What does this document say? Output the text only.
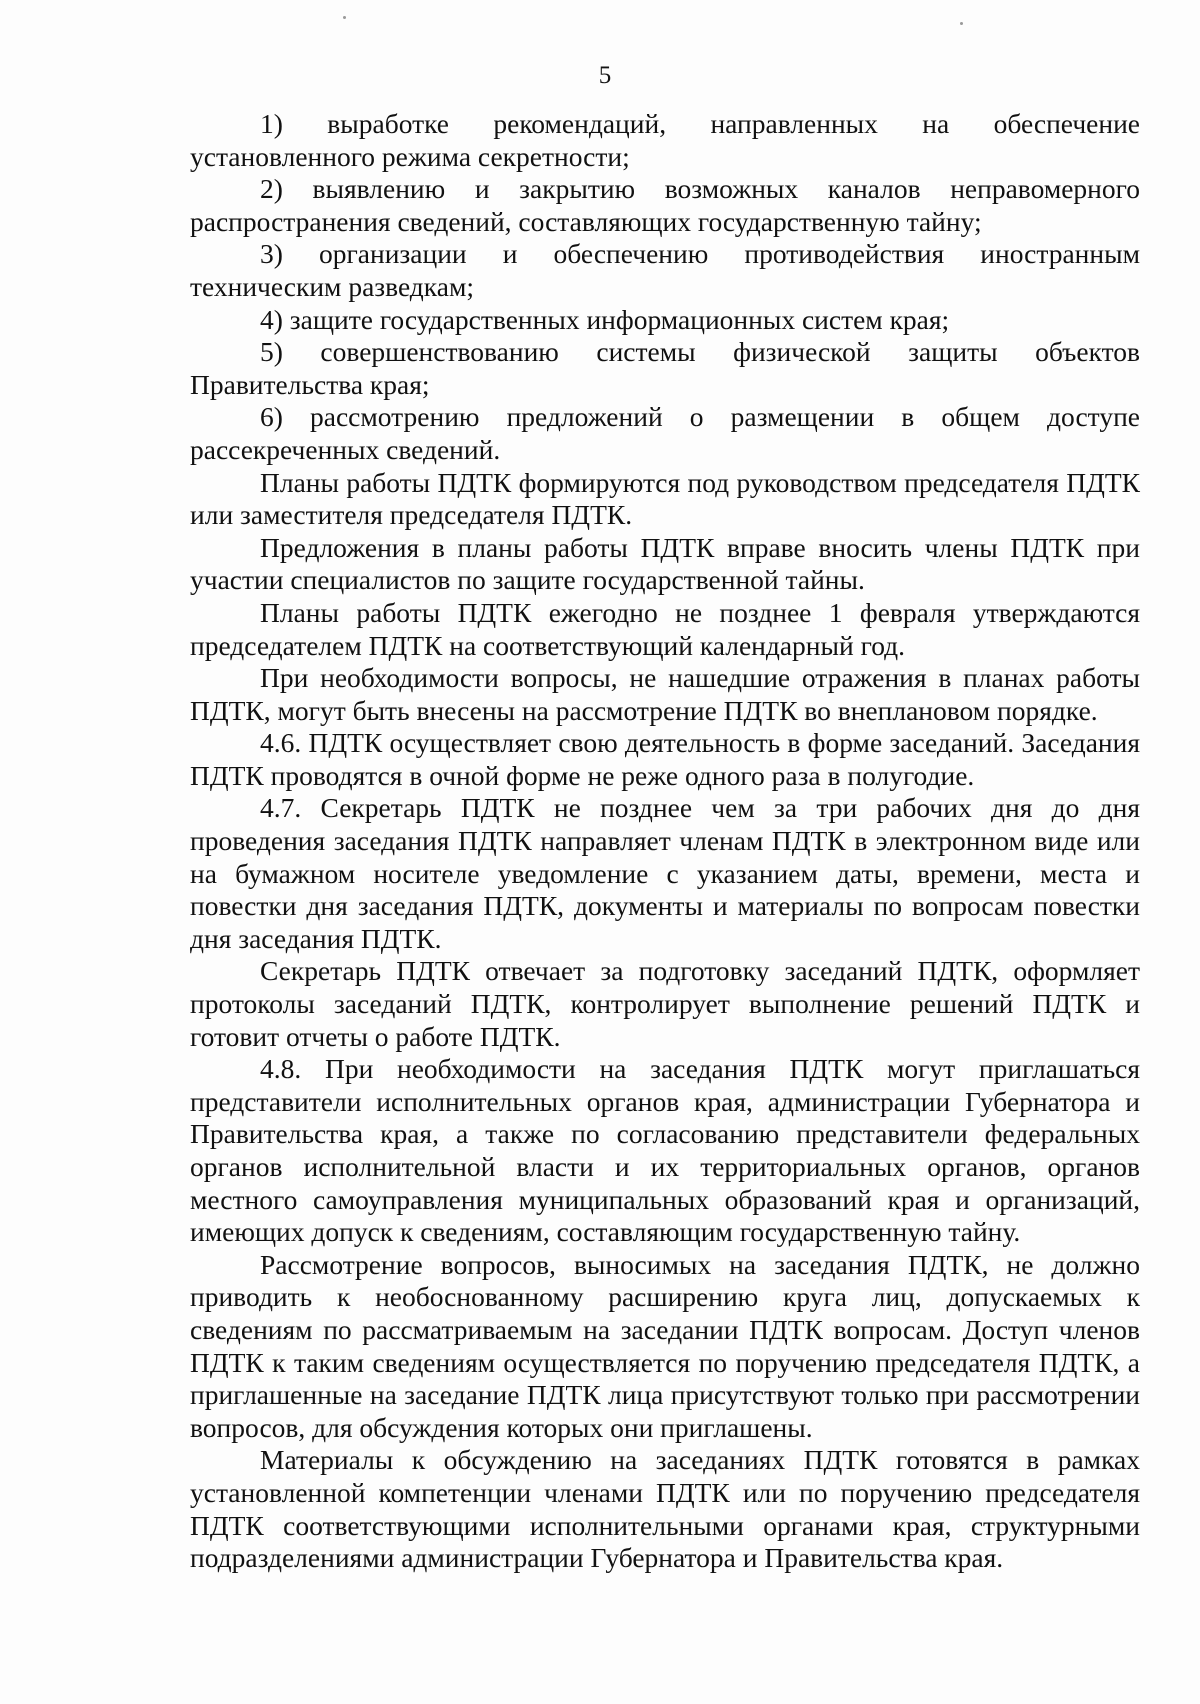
5

1) выработке рекомендаций, направленных на обеспечение установленного режима секретности;

2) выявлению и закрытию возможных каналов неправомерного распространения сведений, составляющих государственную тайну;

3) организации и обеспечению противодействия иностранным техническим разведкам;

4) защите государственных информационных систем края;

5) совершенствованию системы физической защиты объектов Правительства края;

6) рассмотрению предложений о размещении в общем доступе рассекреченных сведений.

Планы работы ПДТК формируются под руководством председателя ПДТК или заместителя председателя ПДТК.

Предложения в планы работы ПДТК вправе вносить члены ПДТК при участии специалистов по защите государственной тайны.

Планы работы ПДТК ежегодно не позднее 1 февраля утверждаются председателем ПДТК на соответствующий календарный год.

При необходимости вопросы, не нашедшие отражения в планах работы ПДТК, могут быть внесены на рассмотрение ПДТК во внеплановом порядке.

4.6. ПДТК осуществляет свою деятельность в форме заседаний. Заседания ПДТК проводятся в очной форме не реже одного раза в полугодие.

4.7. Секретарь ПДТК не позднее чем за три рабочих дня до дня проведения заседания ПДТК направляет членам ПДТК в электронном виде или на бумажном носителе уведомление с указанием даты, времени, места и повестки дня заседания ПДТК, документы и материалы по вопросам повестки дня заседания ПДТК.

Секретарь ПДТК отвечает за подготовку заседаний ПДТК, оформляет протоколы заседаний ПДТК, контролирует выполнение решений ПДТК и готовит отчеты о работе ПДТК.

4.8. При необходимости на заседания ПДТК могут приглашаться представители исполнительных органов края, администрации Губернатора и Правительства края, а также по согласованию представители федеральных органов исполнительной власти и их территориальных органов, органов местного самоуправления муниципальных образований края и организаций, имеющих допуск к сведениям, составляющим государственную тайну.

Рассмотрение вопросов, выносимых на заседания ПДТК, не должно приводить к необоснованному расширению круга лиц, допускаемых к сведениям по рассматриваемым на заседании ПДТК вопросам. Доступ членов ПДТК к таким сведениям осуществляется по поручению председателя ПДТК, а приглашенные на заседание ПДТК лица присутствуют только при рассмотрении вопросов, для обсуждения которых они приглашены.

Материалы к обсуждению на заседаниях ПДТК готовятся в рамках установленной компетенции членами ПДТК или по поручению председателя ПДТК соответствующими исполнительными органами края, структурными подразделениями администрации Губернатора и Правительства края.
